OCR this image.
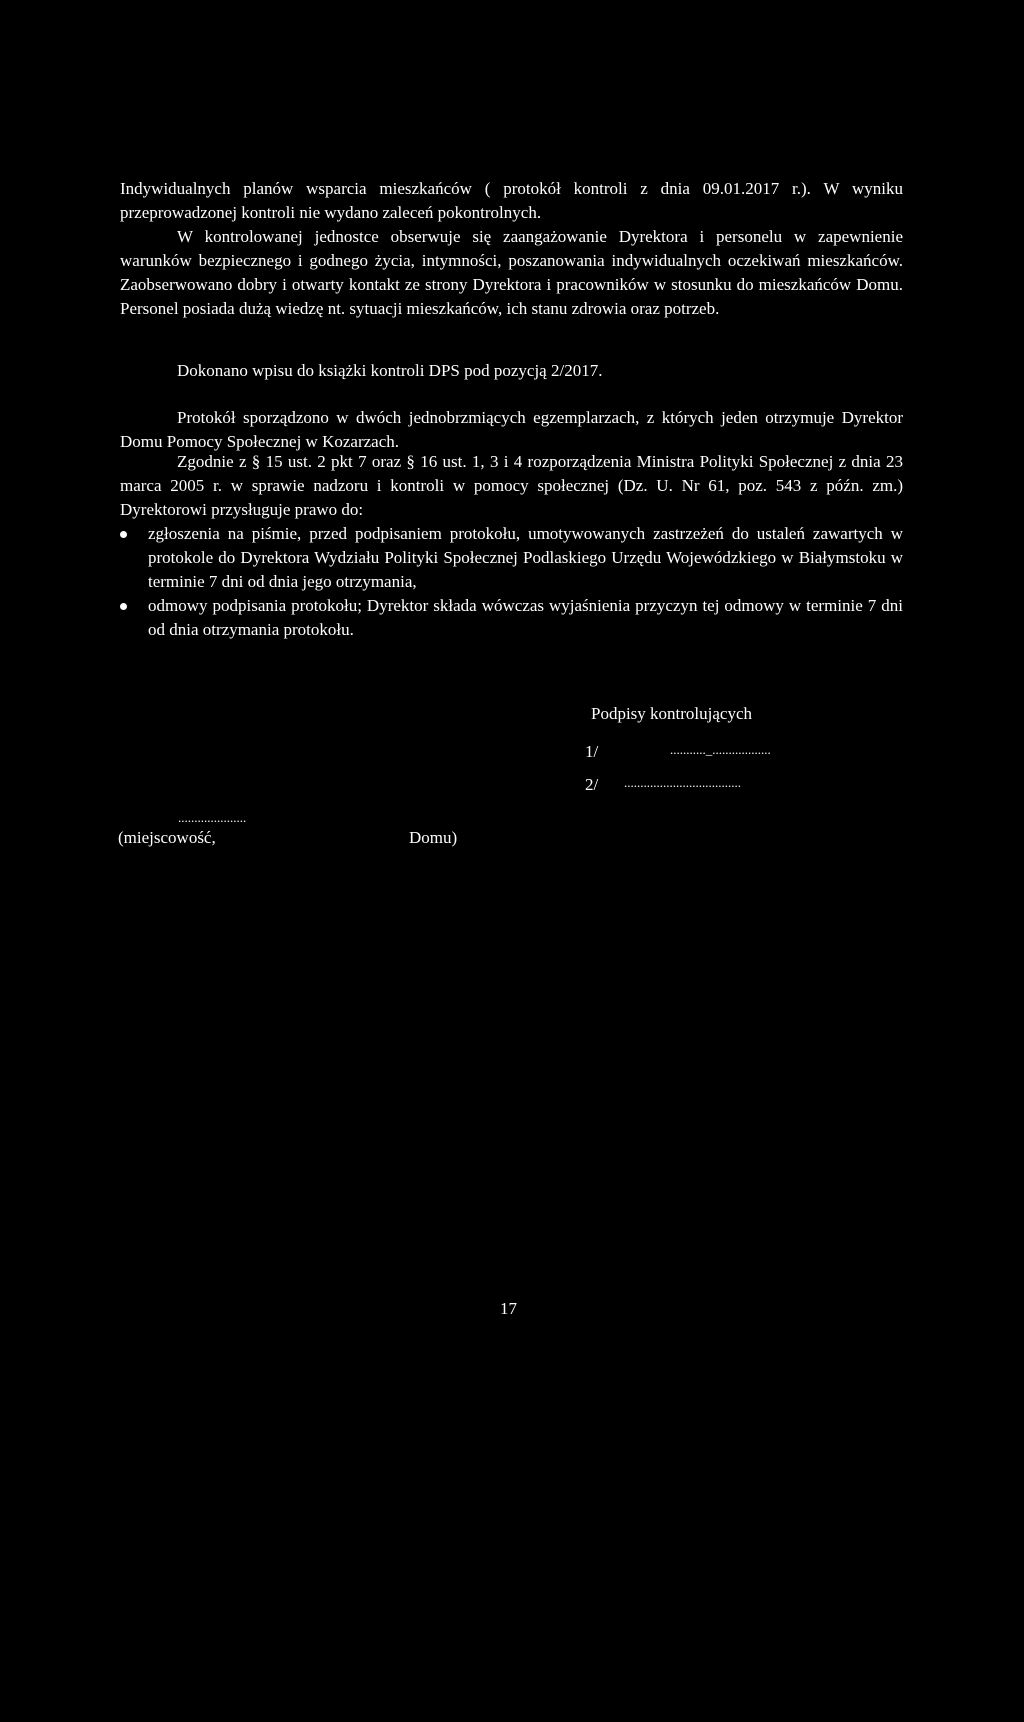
Indywidualnych planów wsparcia mieszkańców ( protokół kontroli z dnia 09.01.2017 r.). W wyniku przeprowadzonej kontroli nie wydano zaleceń pokontrolnych.

W kontrolowanej jednostce obserwuje się zaangażowanie Dyrektora i personelu w zapewnienie warunków bezpiecznego i godnego życia, intymności, poszanowania indywidualnych oczekiwań mieszkańców. Zaobserwowano dobry i otwarty kontakt ze strony Dyrektora i pracowników w stosunku do mieszkańców Domu. Personel posiada dużą wiedzę nt. sytuacji mieszkańców, ich stanu zdrowia oraz potrzeb.

Dokonano wpisu do książki kontroli DPS pod pozycją 2/2017.

Protokół sporządzono w dwóch jednobrzmiących egzemplarzach, z których jeden otrzymuje Dyrektor Domu Pomocy Społecznej w Kozarzach.

Zgodnie z § 15 ust. 2 pkt 7 oraz § 16 ust. 1, 3 i 4 rozporządzenia Ministra Polityki Społecznej z dnia 23 marca 2005 r. w sprawie nadzoru i kontroli w pomocy społecznej (Dz. U. Nr 61, poz. 543 z późn. zm.) Dyrektorowi przysługuje prawo do:

zgłoszenia na piśmie, przed podpisaniem protokołu, umotywowanych zastrzeżeń do ustaleń zawartych w protokole do Dyrektora Wydziału Polityki Społecznej Podlaskiego Urzędu Wojewódzkiego w Białymstoku w terminie 7 dni od dnia jego otrzymania,
odmowy podpisania protokołu; Dyrektor składa wówczas wyjaśnienia przyczyn tej odmowy w terminie 7 dni od dnia otrzymania protokołu.
Podpisy kontrolujących
1/	..........._..................
2/ ....................................
.....................
(miejscowość,	Domu)
17
